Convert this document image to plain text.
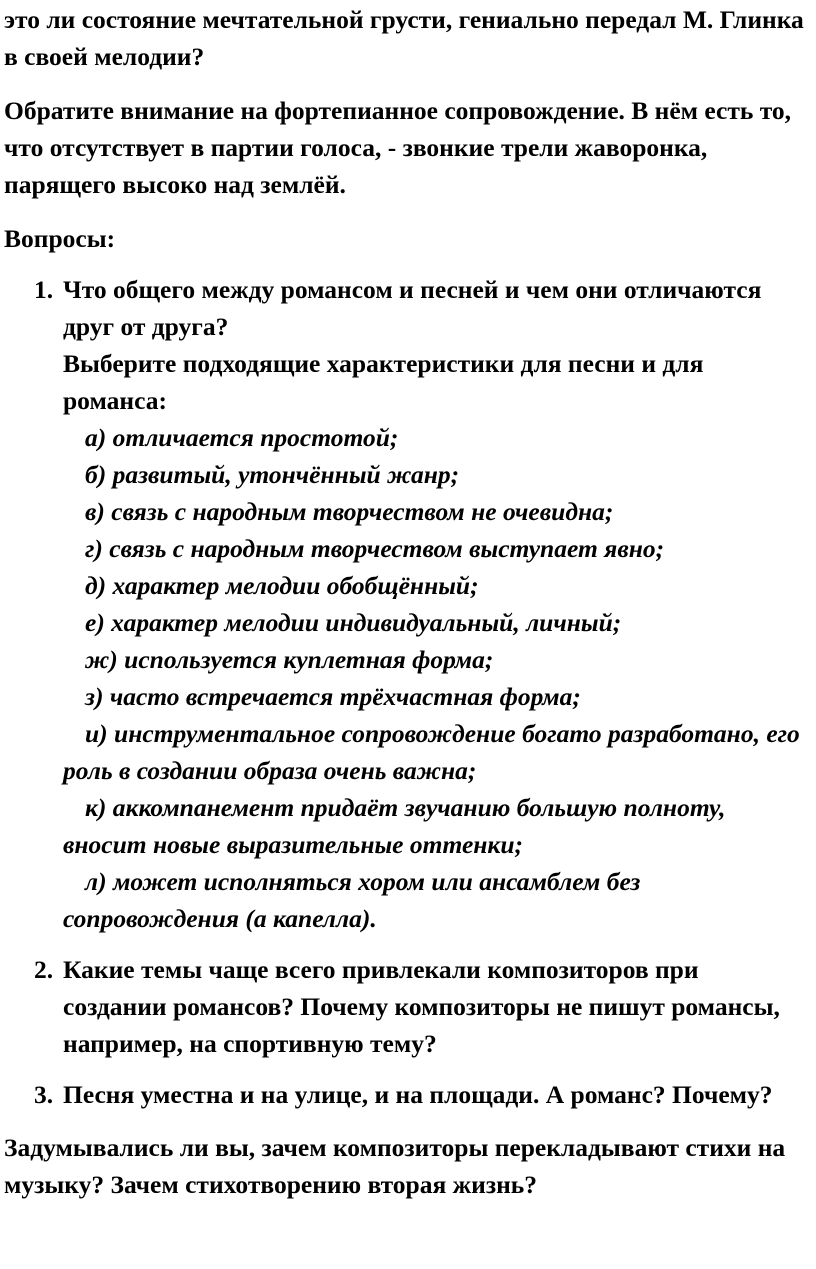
это ли состояние мечтательной грусти, гениально передал М. Глинка в своей мелодии?

Обратите внимание на фортепианное сопровождение. В нём есть то, что отсутствует в партии голоса, - звонкие трели жаворонка, парящего высоко над землёй.

Вопросы:

1. Что общего между романсом и песней и чем они отличаются друг от друга?
Выберите подходящие характеристики для песни и для романса:
а) отличается простотой;
б) развитый, утончённый жанр;
в) связь с народным творчеством не очевидна;
г) связь с народным творчеством выступает явно;
д) характер мелодии обобщённый;
е) характер мелодии индивидуальный, личный;
ж) используется куплетная форма;
з) часто встречается трёхчастная форма;
и) инструментальное сопровождение богато разработано, его роль в создании образа очень важна;
к) аккомпанемент придаёт звучанию большую полноту, вносит новые выразительные оттенки;
л) может исполняться хором или ансамблем без сопровождения (а капелла).
2. Какие темы чаще всего привлекали композиторов при создании романсов? Почему композиторы не пишут романсы, например, на спортивную тему?
3. Песня уместна и на улице, и на площади. А романс? Почему?

Задумывались ли вы, зачем композиторы перекладывают стихи на музыку? Зачем стихотворению вторая жизнь?
